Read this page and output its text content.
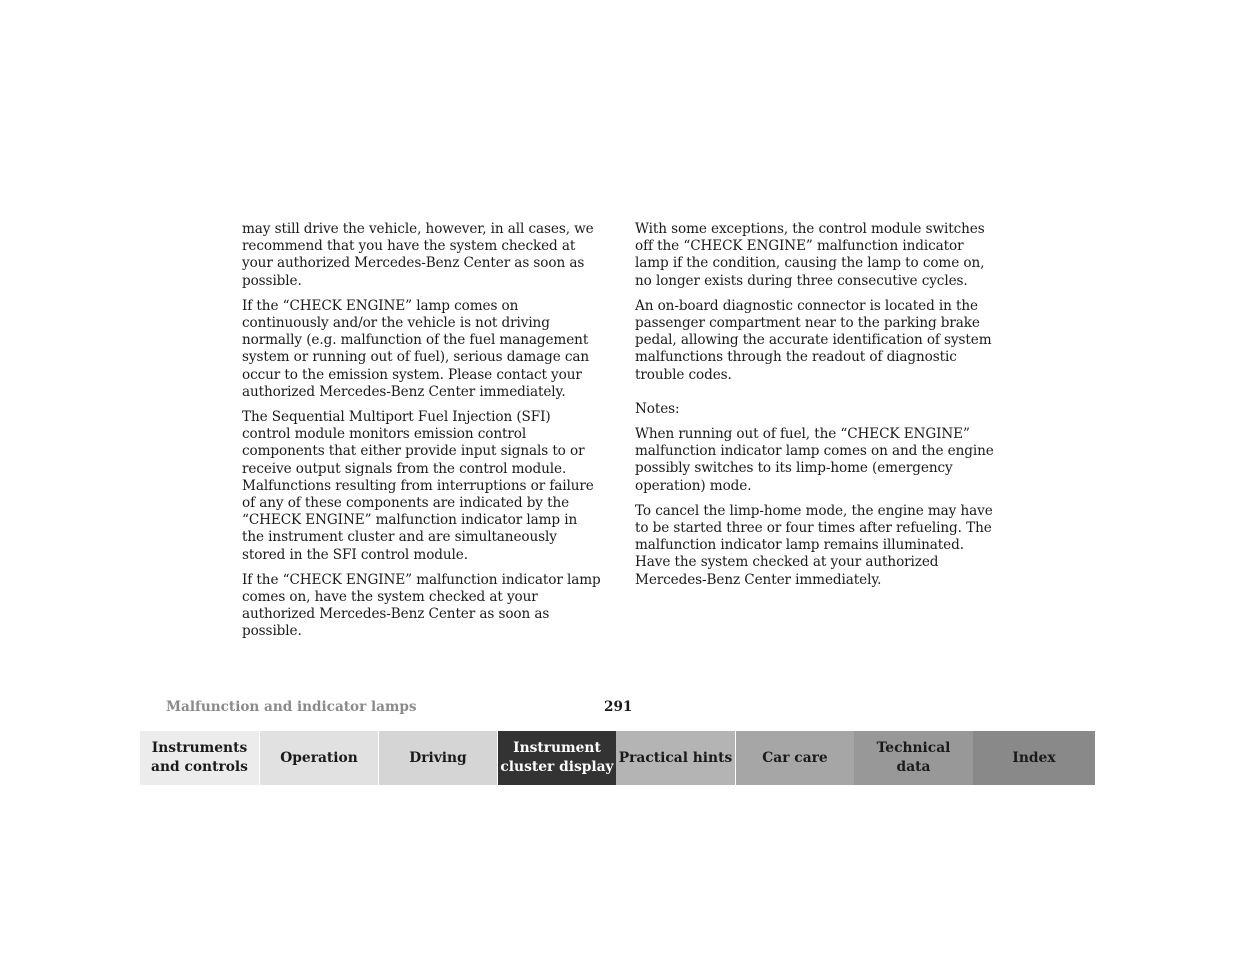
may still drive the vehicle, however, in all cases, we recommend that you have the system checked at your authorized Mercedes-Benz Center as soon as possible.

If the “CHECK ENGINE” lamp comes on continuously and/or the vehicle is not driving normally (e.g. malfunction of the fuel management system or running out of fuel), serious damage can occur to the emission system. Please contact your authorized Mercedes-Benz Center immediately.

The Sequential Multiport Fuel Injection (SFI) control module monitors emission control components that either provide input signals to or receive output signals from the control module. Malfunctions resulting from interruptions or failure of any of these components are indicated by the “CHECK ENGINE” malfunction indicator lamp in the instrument cluster and are simultaneously stored in the SFI control module.

If the “CHECK ENGINE” malfunction indicator lamp comes on, have the system checked at your authorized Mercedes-Benz Center as soon as possible.

With some exceptions, the control module switches off the “CHECK ENGINE” malfunction indicator lamp if the condition, causing the lamp to come on, no longer exists during three consecutive cycles.

An on-board diagnostic connector is located in the passenger compartment near to the parking brake pedal, allowing the accurate identification of system malfunctions through the readout of diagnostic trouble codes.

Notes:

When running out of fuel, the “CHECK ENGINE” malfunction indicator lamp comes on and the engine possibly switches to its limp-home (emergency operation) mode.

To cancel the limp-home mode, the engine may have to be started three or four times after refueling. The malfunction indicator lamp remains illuminated. Have the system checked at your authorized Mercedes-Benz Center immediately.

Malfunction and indicator lamps	291
Instruments
and controls
Operation	Driving
Instrument
cluster display
Practical hints	Car care
Technical
data
Index
